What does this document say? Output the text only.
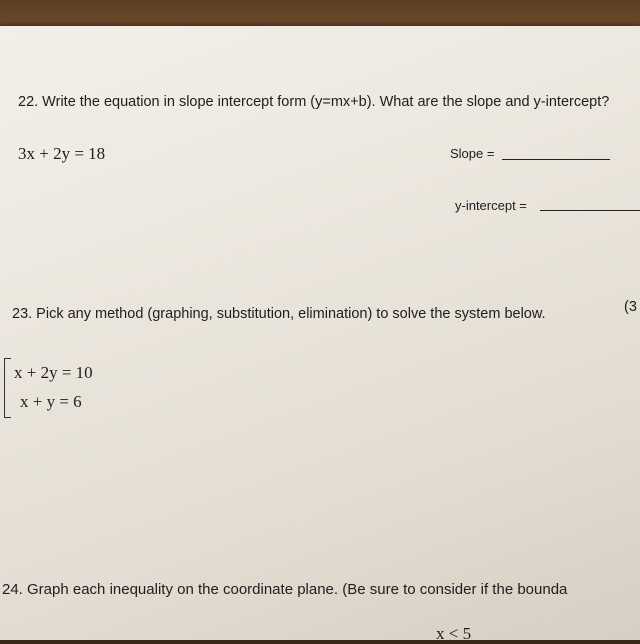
22. Write the equation in slope intercept form (y=mx+b). What are the slope and y-intercept?
3x + 2y = 18	Slope =
y-intercept =
23. Pick any method (graphing, substitution, elimination) to solve the system below.	(3
x + 2y = 10
x + y = 6
24. Graph each inequality on the coordinate plane. (Be sure to consider if the bounda
x < 5
